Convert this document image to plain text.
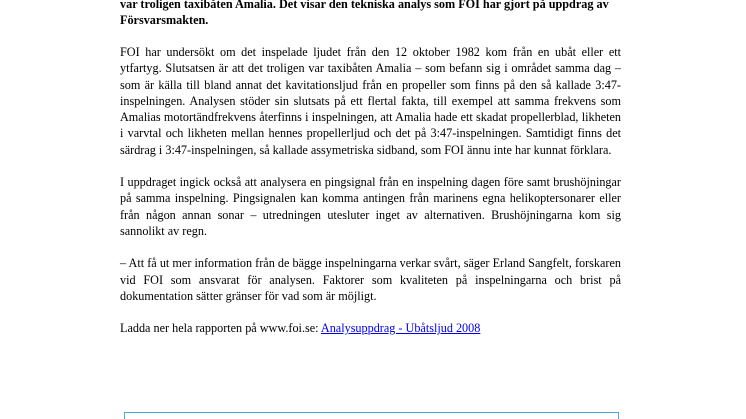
var troligen taxibåten Amalia. Det visar den tekniska analys som FOI har gjort på uppdrag av Försvarsmakten.

FOI har undersökt om det inspelade ljudet från den 12 oktober 1982 kom från en ubåt eller ett ytfartyg. Slutsatsen är att det troligen var taxibåten Amalia – som befann sig i området samma dag – som är källa till bland annat det kavitationsljud från en propeller som finns på den så kallade 3:47-inspelningen. Analysen stöder sin slutsats på ett flertal fakta, till exempel att samma frekvens som Amalias motortändfrekvens återfinns i inspelningen, att Amalia hade ett skadat propellerblad, likheten i varvtal och likheten mellan hennes propellerljud och det på 3:47-inspelningen. Samtidigt finns det särdrag i 3:47-inspelningen, så kallade assymetriska sidband, som FOI ännu inte har kunnat förklara.

I uppdraget ingick också att analysera en pingsignal från en inspelning dagen före samt brushöjningar på samma inspelning. Pingsignalen kan komma antingen från marinens egna helikoptersonarer eller från någon annan sonar – utredningen utesluter inget av alternativen. Brushöjningarna kom sig sannolikt av regn.

– Att få ut mer information från de bägge inspelningarna verkar svårt, säger Erland Sangfelt, forskaren vid FOI som ansvarat för analysen. Faktorer som kvaliteten på inspelningarna och brist på dokumentation sätter gränser för vad som är möjligt.

Ladda ner hela rapporten på www.foi.se: Analysuppdrag - Ubåtsljud 2008
